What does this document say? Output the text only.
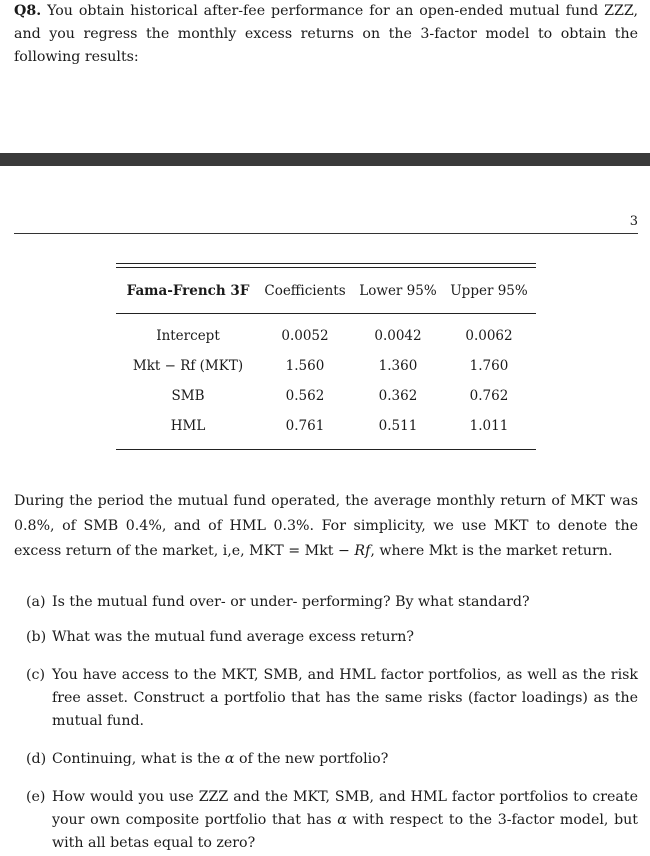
Q8. You obtain historical after-fee performance for an open-ended mutual fund ZZZ, and you regress the monthly excess returns on the 3-factor model to obtain the following results:
3
Fama-French 3F	Coefficients	Lower 95%	Upper 95%
Intercept	0.0052	0.0042	0.0062
Mkt − Rf (MKT)	1.560	1.360	1.760
SMB	0.562	0.362	0.762
HML	0.761	0.511	1.011
During the period the mutual fund operated, the average monthly return of MKT was 0.8%, of SMB 0.4%, and of HML 0.3%. For simplicity, we use MKT to denote the excess return of the market, i,e, MKT = Mkt − Rf, where Mkt is the market return.
(a) Is the mutual fund over- or under- performing? By what standard?
(b) What was the mutual fund average excess return?
(c) You have access to the MKT, SMB, and HML factor portfolios, as well as the risk free asset. Construct a portfolio that has the same risks (factor loadings) as the mutual fund.
(d) Continuing, what is the α of the new portfolio?
(e) How would you use ZZZ and the MKT, SMB, and HML factor portfolios to create your own composite portfolio that has α with respect to the 3-factor model, but with all betas equal to zero?
